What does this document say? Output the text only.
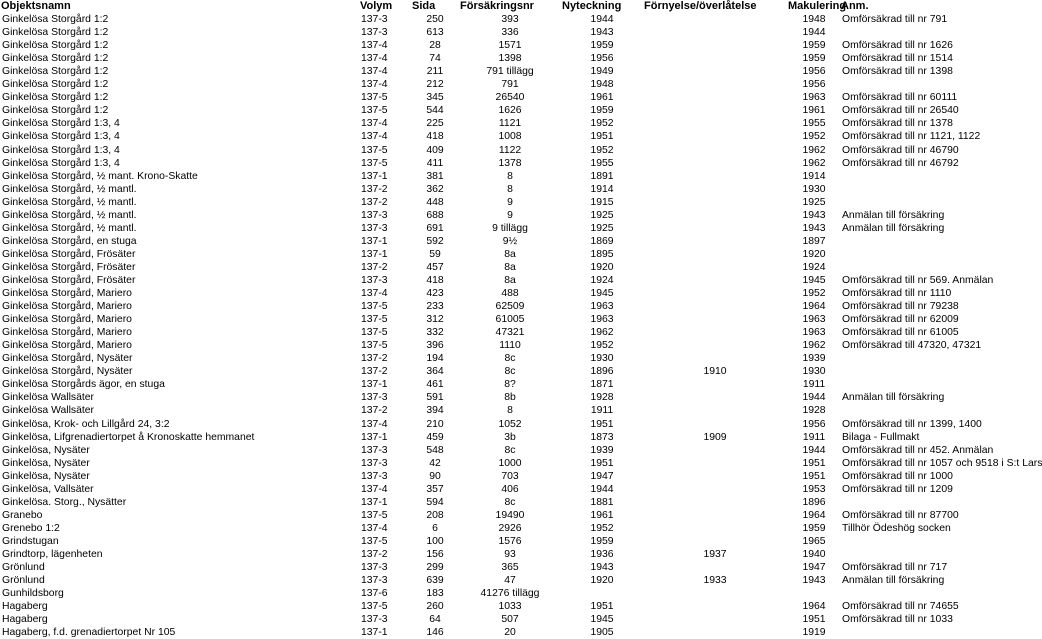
Objektsnamn	Volym	Sida	Försäkringsnr	Nyteckning	Förnyelse/överlåtelse	Makulering	Anm.
Ginkelösa Storgård 1:2	137-3	250	393	1944		1948	Omförsäkrad till nr 791
Ginkelösa Storgård 1:2	137-3	613	336	1943		1944	
Ginkelösa Storgård 1:2	137-4	28	1571	1959		1959	Omförsäkrad till nr 1626
Ginkelösa Storgård 1:2	137-4	74	1398	1956		1959	Omförsäkrad till nr 1514
Ginkelösa Storgård 1:2	137-4	211	791 tillägg	1949		1956	Omförsäkrad till nr 1398
Ginkelösa Storgård 1:2	137-4	212	791	1948		1956	
Ginkelösa Storgård 1:2	137-5	345	26540	1961		1963	Omförsäkrad till nr 60111
Ginkelösa Storgård 1:2	137-5	544	1626	1959		1961	Omförsäkrad till nr 26540
Ginkelösa Storgård 1:3, 4	137-4	225	1121	1952		1955	Omförsäkrad till nr 1378
Ginkelösa Storgård 1:3, 4	137-4	418	1008	1951		1952	Omförsäkrad till nr 1121, 1122
Ginkelösa Storgård 1:3, 4	137-5	409	1122	1952		1962	Omförsäkrad till nr 46790
Ginkelösa Storgård 1:3, 4	137-5	411	1378	1955		1962	Omförsäkrad till nr 46792
Ginkelösa Storgård, ½ mant. Krono-Skatte	137-1	381	8	1891		1914	
Ginkelösa Storgård, ½ mantl.	137-2	362	8	1914		1930	
Ginkelösa Storgård, ½ mantl.	137-2	448	9	1915		1925	
Ginkelösa Storgård, ½ mantl.	137-3	688	9	1925		1943	Anmälan till försäkring
Ginkelösa Storgård, ½ mantl.	137-3	691	9 tillägg	1925		1943	Anmälan till försäkring
Ginkelösa Storgård, en stuga	137-1	592	9½	1869		1897	
Ginkelösa Storgård, Frösäter	137-1	59	8a	1895		1920	
Ginkelösa Storgård, Frösäter	137-2	457	8a	1920		1924	
Ginkelösa Storgård, Frösäter	137-3	418	8a	1924		1945	Omförsäkrad till nr 569. Anmälan
Ginkelösa Storgård, Mariero	137-4	423	488	1945		1952	Omförsäkrad till nr 1110
Ginkelösa Storgård, Mariero	137-5	233	62509	1963		1964	Omförsäkrad till nr 79238
Ginkelösa Storgård, Mariero	137-5	312	61005	1963		1963	Omförsäkrad till nr 62009
Ginkelösa Storgård, Mariero	137-5	332	47321	1962		1963	Omförsäkrad till nr 61005
Ginkelösa Storgård, Mariero	137-5	396	1110	1952		1962	Omförsäkrad till 47320, 47321
Ginkelösa Storgård, Nysäter	137-2	194	8c	1930		1939	
Ginkelösa Storgård, Nysäter	137-2	364	8c	1896	1910	1930	
Ginkelösa Storgårds ägor, en stuga	137-1	461	8?	1871		1911	
Ginkelösa Wallsäter	137-3	591	8b	1928		1944	Anmälan till försäkring
Ginkelösa Wallsäter	137-2	394	8	1911		1928	
Ginkelösa, Krok- och Lillgård 24, 3:2	137-4	210	1052	1951		1956	Omförsäkrad till nr 1399, 1400
Ginkelösa, Lifgrenadiertorpet å Kronoskatte hemmanet	137-1	459	3b	1873	1909	1911	Bilaga - Fullmakt
Ginkelösa, Nysäter	137-3	548	8c	1939		1944	Omförsäkrad till nr 452. Anmälan
Ginkelösa, Nysäter	137-3	42	1000	1951		1951	Omförsäkrad till nr 1057 och 9518 i S:t Lars
Ginkelösa, Nysäter	137-3	90	703	1947		1951	Omförsäkrad till nr 1000
Ginkelösa, Vallsäter	137-4	357	406	1944		1953	Omförsäkrad till nr 1209
Ginkelösa. Storg., Nysätter	137-1	594	8c	1881		1896	
Granebo	137-5	208	19490	1961		1964	Omförsäkrad till nr 87700
Grenebo 1:2	137-4	6	2926	1952		1959	Tillhör Ödeshög socken
Grindstugan	137-5	100	1576	1959		1965	
Grindtorp, lägenheten	137-2	156	93	1936	1937	1940	
Grönlund	137-3	299	365	1943		1947	Omförsäkrad till nr 717
Grönlund	137-3	639	47	1920	1933	1943	Anmälan till försäkring
Gunhildsborg	137-6	183	41276 tillägg				
Hagaberg	137-5	260	1033	1951		1964	Omförsäkrad till nr 74655
Hagaberg	137-3	64	507	1945		1951	Omförsäkrad till nr 1033
Hagaberg, f.d. grenadiertorpet Nr 105	137-1	146	20	1905		1919	
